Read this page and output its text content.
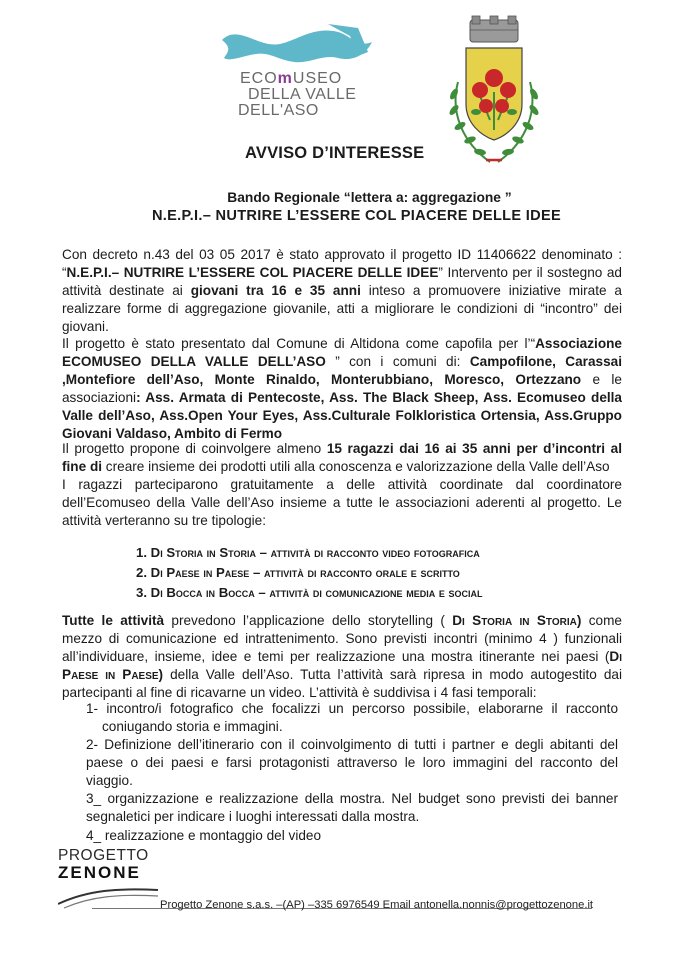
ECOmUSEO
DELLA VALLE
DELL'ASO
AVVISO D’INTERESSE
Bando Regionale “lettera a: aggregazione ”
N.E.P.I.– NUTRIRE L’ESSERE COL PIACERE DELLE IDEE
Con decreto n.43 del 03 05 2017 è stato approvato il progetto ID 11406622 denominato : “N.E.P.I.– NUTRIRE L’ESSERE COL PIACERE DELLE IDEE” Intervento per il sostegno ad attività destinate ai giovani tra 16 e 35 anni inteso a promuovere iniziative mirate a realizzare forme di aggregazione giovanile, atti a migliorare le condizioni di “incontro” dei giovani.
Il progetto è stato presentato dal Comune di Altidona come capofila per l’“Associazione ECOMUSEO DELLA VALLE DELL’ASO ” con i comuni di: Campofilone, Carassai ,Montefiore dell’Aso, Monte Rinaldo, Monterubbiano, Moresco, Ortezzano e le associazioni: Ass. Armata di Pentecoste, Ass. The Black Sheep, Ass. Ecomuseo della Valle dell’Aso, Ass.Open Your Eyes, Ass.Culturale Folkloristica Ortensia, Ass.Gruppo Giovani Valdaso, Ambito di Fermo
Il progetto propone di coinvolgere almeno 15 ragazzi dai 16 ai 35 anni per d’incontri al fine di creare insieme dei prodotti utili alla conoscenza e valorizzazione della Valle dell’Aso
I ragazzi parteciparono gratuitamente a delle attività coordinate dal coordinatore dell’Ecomuseo della Valle dell’Aso insieme a tutte le associazioni aderenti al progetto. Le attività verteranno su tre tipologie:
1. Di Storia in Storia – attività di racconto video fotografica
2. Di Paese in Paese – attività di racconto orale e scritto
3. Di Bocca in Bocca – attività di comunicazione media e social
Tutte le attività prevedono l’applicazione dello storytelling ( Di Storia in Storia) come mezzo di comunicazione ed intrattenimento. Sono previsti incontri (minimo 4 ) funzionali all’individuare, insieme, idee e temi per realizzazione una mostra itinerante nei paesi (Di Paese in Paese) della Valle dell’Aso. Tutta l’attività sarà ripresa in modo autogestito dai partecipanti al fine di ricavarne un video. L’attività è suddivisa i 4 fasi temporali:
1- incontro/i fotografico che focalizzi un percorso possibile, elaborarne il racconto coniugando storia e immagini.
2- Definizione dell’itinerario con il coinvolgimento di tutti i partner e degli abitanti del paese o dei paesi e farsi protagonisti attraverso le loro immagini del racconto del viaggio.
3_ organizzazione e realizzazione della mostra. Nel budget sono previsti dei banner segnaletici per indicare i luoghi interessati dalla mostra.
4_ realizzazione e montaggio del video
PROGETTO
ZENONE
Progetto Zenone s.a.s. –(AP) –335 6976549 Email antonella.nonnis@progettozenone.it
